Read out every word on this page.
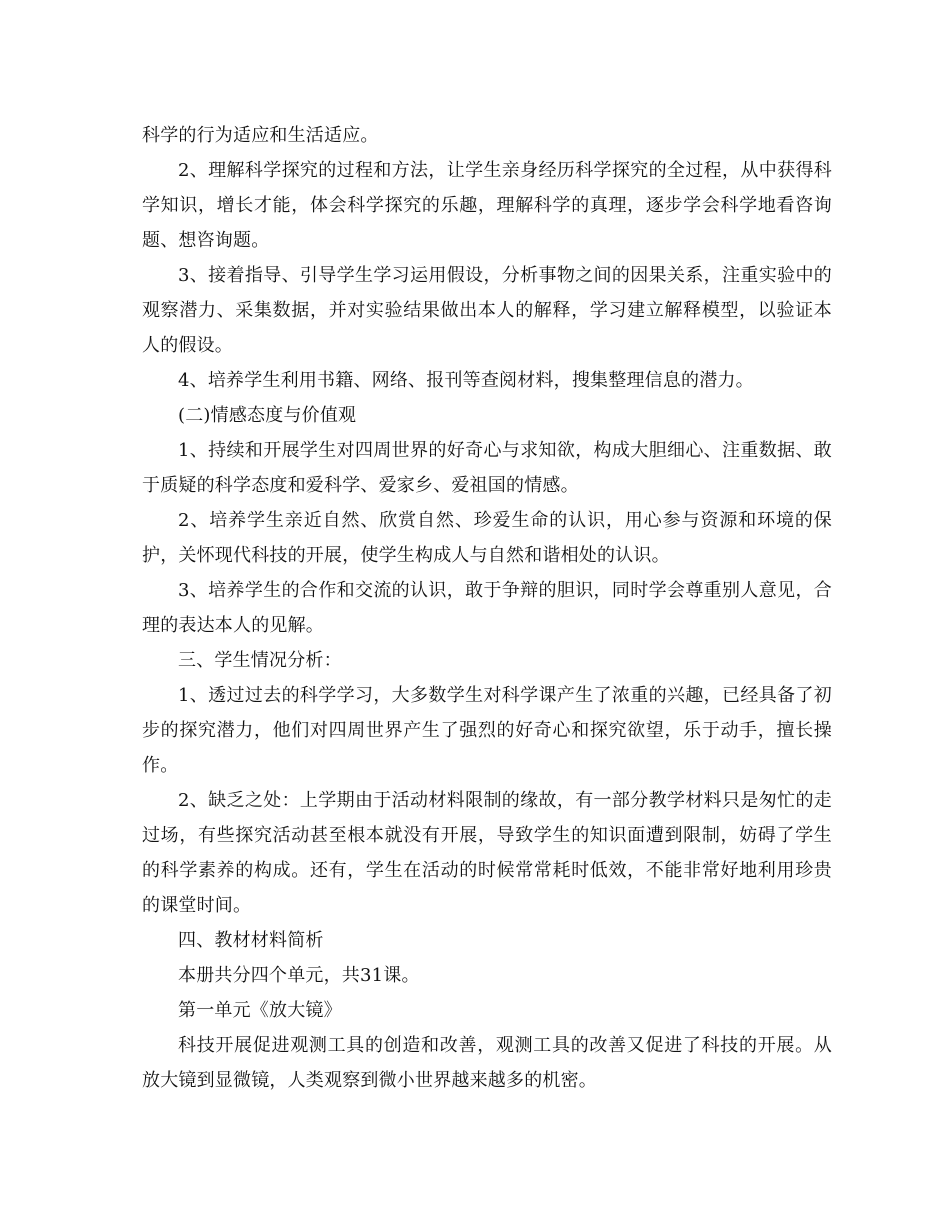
科学的行为适应和生活适应。

2、理解科学探究的过程和方法，让学生亲身经历科学探究的全过程，从中获得科学知识，增长才能，体会科学探究的乐趣，理解科学的真理，逐步学会科学地看咨询题、想咨询题。

3、接着指导、引导学生学习运用假设，分析事物之间的因果关系，注重实验中的观察潜力、采集数据，并对实验结果做出本人的解释，学习建立解释模型，以验证本人的假设。

4、培养学生利用书籍、网络、报刊等查阅材料，搜集整理信息的潜力。

(二)情感态度与价值观

1、持续和开展学生对四周世界的好奇心与求知欲，构成大胆细心、注重数据、敢于质疑的科学态度和爱科学、爱家乡、爱祖国的情感。

2、培养学生亲近自然、欣赏自然、珍爱生命的认识，用心参与资源和环境的保护，关怀现代科技的开展，使学生构成人与自然和谐相处的认识。

3、培养学生的合作和交流的认识，敢于争辩的胆识，同时学会尊重别人意见，合理的表达本人的见解。

三、学生情况分析：

1、透过过去的科学学习，大多数学生对科学课产生了浓重的兴趣，已经具备了初步的探究潜力，他们对四周世界产生了强烈的好奇心和探究欲望，乐于动手，擅长操作。

2、缺乏之处：上学期由于活动材料限制的缘故，有一部分教学材料只是匆忙的走过场，有些探究活动甚至根本就没有开展，导致学生的知识面遭到限制，妨碍了学生的科学素养的构成。还有，学生在活动的时候常常耗时低效，不能非常好地利用珍贵的课堂时间。

四、教材材料简析

本册共分四个单元，共31课。

第一单元《放大镜》

科技开展促进观测工具的创造和改善，观测工具的改善又促进了科技的开展。从放大镜到显微镜，人类观察到微小世界越来越多的机密。
